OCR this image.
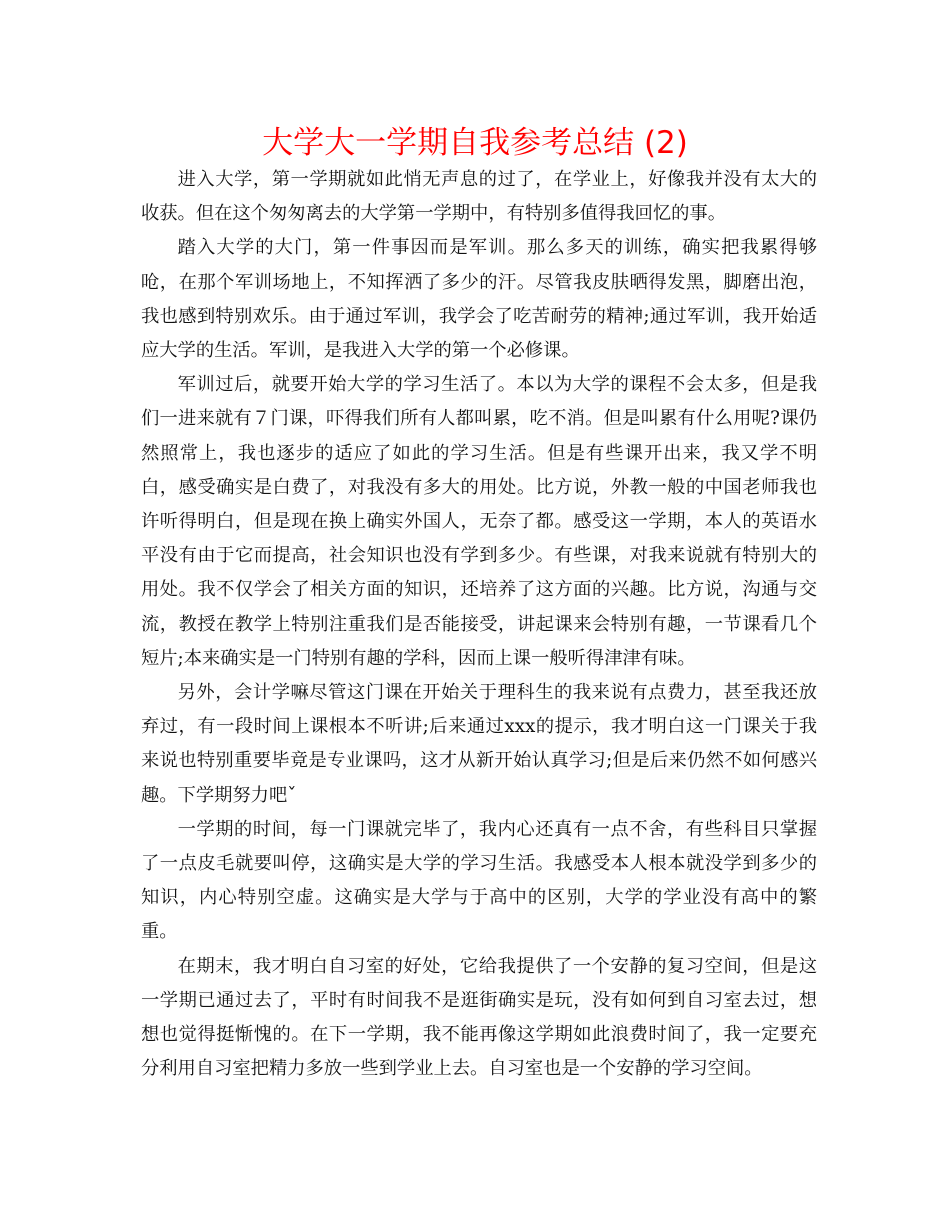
大学大一学期自我参考总结 (2)

进入大学，第一学期就如此悄无声息的过了，在学业上，好像我并没有太大的收获。但在这个匆匆离去的大学第一学期中，有特别多值得我回忆的事。

踏入大学的大门，第一件事因而是军训。那么多天的训练，确实把我累得够呛，在那个军训场地上，不知挥洒了多少的汗。尽管我皮肤晒得发黑，脚磨出泡，我也感到特别欢乐。由于通过军训，我学会了吃苦耐劳的精神;通过军训，我开始适应大学的生活。军训，是我进入大学的第一个必修课。

军训过后，就要开始大学的学习生活了。本以为大学的课程不会太多，但是我们一进来就有７门课，吓得我们所有人都叫累，吃不消。但是叫累有什么用呢?课仍然照常上，我也逐步的适应了如此的学习生活。但是有些课开出来，我又学不明白，感受确实是白费了，对我没有多大的用处。比方说，外教一般的中国老师我也许听得明白，但是现在换上确实外国人，无奈了都。感受这一学期，本人的英语水平没有由于它而提高，社会知识也没有学到多少。有些课，对我来说就有特别大的用处。我不仅学会了相关方面的知识，还培养了这方面的兴趣。比方说，沟通与交流，教授在教学上特别注重我们是否能接受，讲起课来会特别有趣，一节课看几个短片;本来确实是一门特别有趣的学科，因而上课一般听得津津有味。

另外，会计学嘛尽管这门课在开始关于理科生的我来说有点费力，甚至我还放弃过，有一段时间上课根本不听讲;后来通过xxx的提示，我才明白这一门课关于我来说也特别重要毕竟是专业课吗，这才从新开始认真学习;但是后来仍然不如何感兴趣。下学期努力吧ˇ

一学期的时间，每一门课就完毕了，我内心还真有一点不舍，有些科目只掌握了一点皮毛就要叫停，这确实是大学的学习生活。我感受本人根本就没学到多少的知识，内心特别空虚。这确实是大学与于高中的区别，大学的学业没有高中的繁重。

在期末，我才明白自习室的好处，它给我提供了一个安静的复习空间，但是这一学期已通过去了，平时有时间我不是逛街确实是玩，没有如何到自习室去过，想想也觉得挺惭愧的。在下一学期，我不能再像这学期如此浪费时间了，我一定要充分利用自习室把精力多放一些到学业上去。自习室也是一个安静的学习空间。
